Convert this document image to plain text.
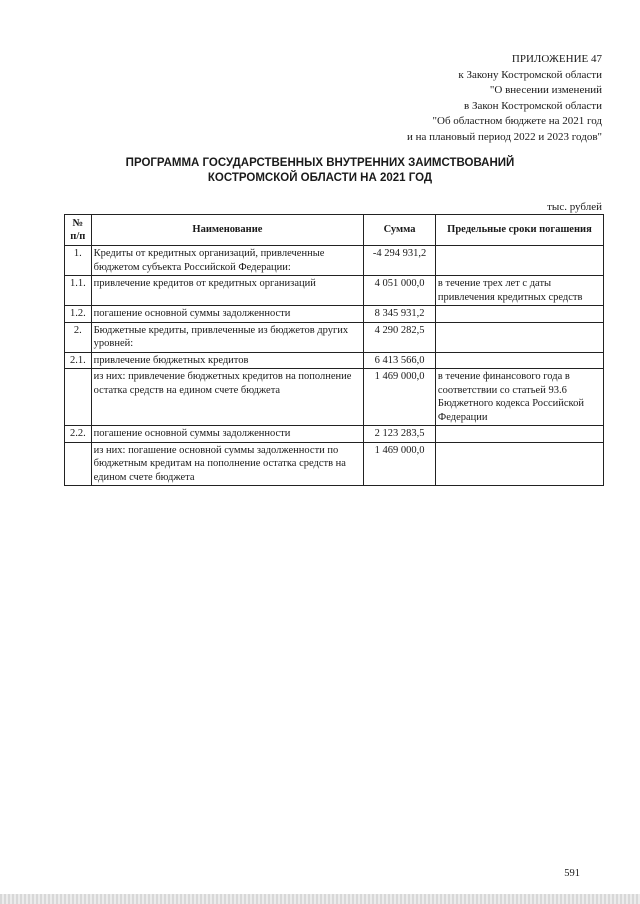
ПРИЛОЖЕНИЕ 47
к Закону Костромской области
"О внесении изменений
в Закон Костромской области
"Об областном бюджете на 2021 год
и на плановый период 2022 и 2023 годов"
ПРОГРАММА ГОСУДАРСТВЕННЫХ ВНУТРЕННИХ ЗАИМСТВОВАНИЙ
КОСТРОМСКОЙ ОБЛАСТИ НА 2021 ГОД
тыс. рублей
№ п/п	Наименование	Сумма	Предельные сроки погашения
1.	Кредиты от кредитных организаций, привлеченные бюджетом субъекта Российской Федерации:	-4 294 931,2	
1.1.	привлечение кредитов от кредитных организаций	4 051 000,0	в течение трех лет с даты привлечения кредитных средств
1.2.	погашение основной суммы задолженности	8 345 931,2	
2.	Бюджетные кредиты, привлеченные из бюджетов других уровней:	4 290 282,5	
2.1.	привлечение бюджетных кредитов	6 413 566,0	
	из них: привлечение бюджетных кредитов на пополнение остатка средств на едином счете бюджета	1 469 000,0	в течение финансового года в соответствии со статьей 93.6 Бюджетного кодекса Российской Федерации
2.2.	погашение основной суммы задолженности	2 123 283,5	
	из них: погашение основной суммы задолженности по бюджетным кредитам на пополнение остатка средств на едином счете бюджета	1 469 000,0	
591
